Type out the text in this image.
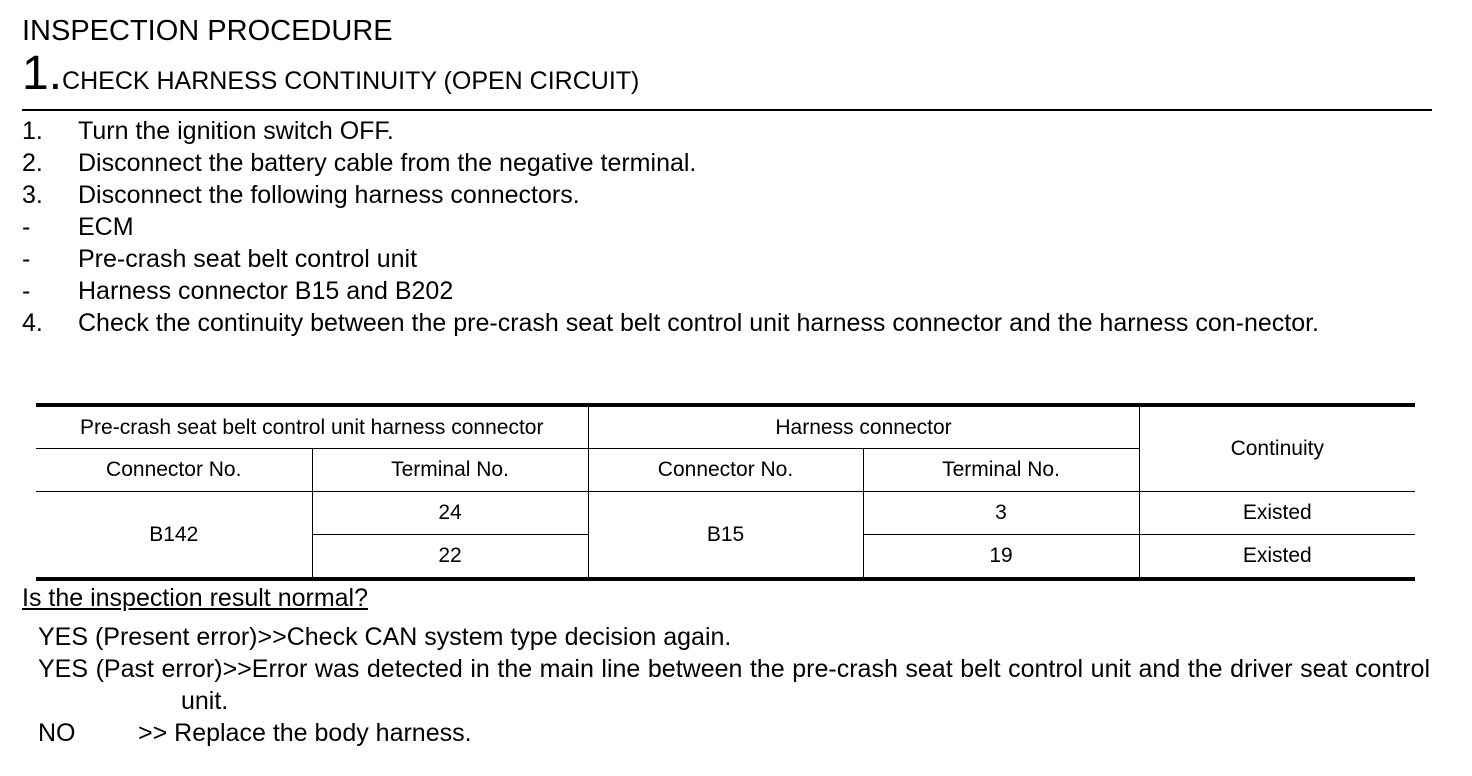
INSPECTION PROCEDURE
1.CHECK HARNESS CONTINUITY (OPEN CIRCUIT)
1.	Turn the ignition switch OFF.
2.	Disconnect the battery cable from the negative terminal.
3.	Disconnect the following harness connectors.
-	ECM
-	Pre-crash seat belt control unit
-	Harness connector B15 and B202
4.	Check the continuity between the pre-crash seat belt control unit harness connector and the harness con-nector.
Pre-crash seat belt control unit harness connector		Harness connector		Continuity
Connector No.	Terminal No.	Connector No.	Terminal No.	
B142	24	B15	3	Existed
	22		19	Existed
Is the inspection result normal?
YES (Present error)>>Check CAN system type decision again.
YES (Past error)>>Error was detected in the main line between the pre-crash seat belt control unit and the driver seat control unit.
NO	>> Replace the body harness.
